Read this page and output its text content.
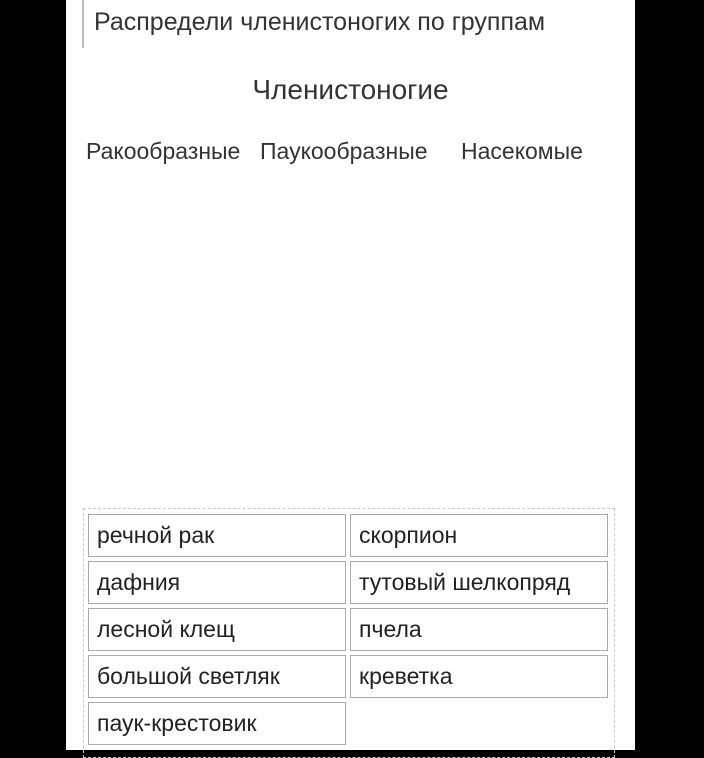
Распредели членистоногих по группам
Членистоногие
Ракообразные Паукообразные Насекомые
речной рак	скорпион
дафния	тутовый шелкопряд
лесной клещ	пчела
большой светляк	креветка
паук-крестовик
